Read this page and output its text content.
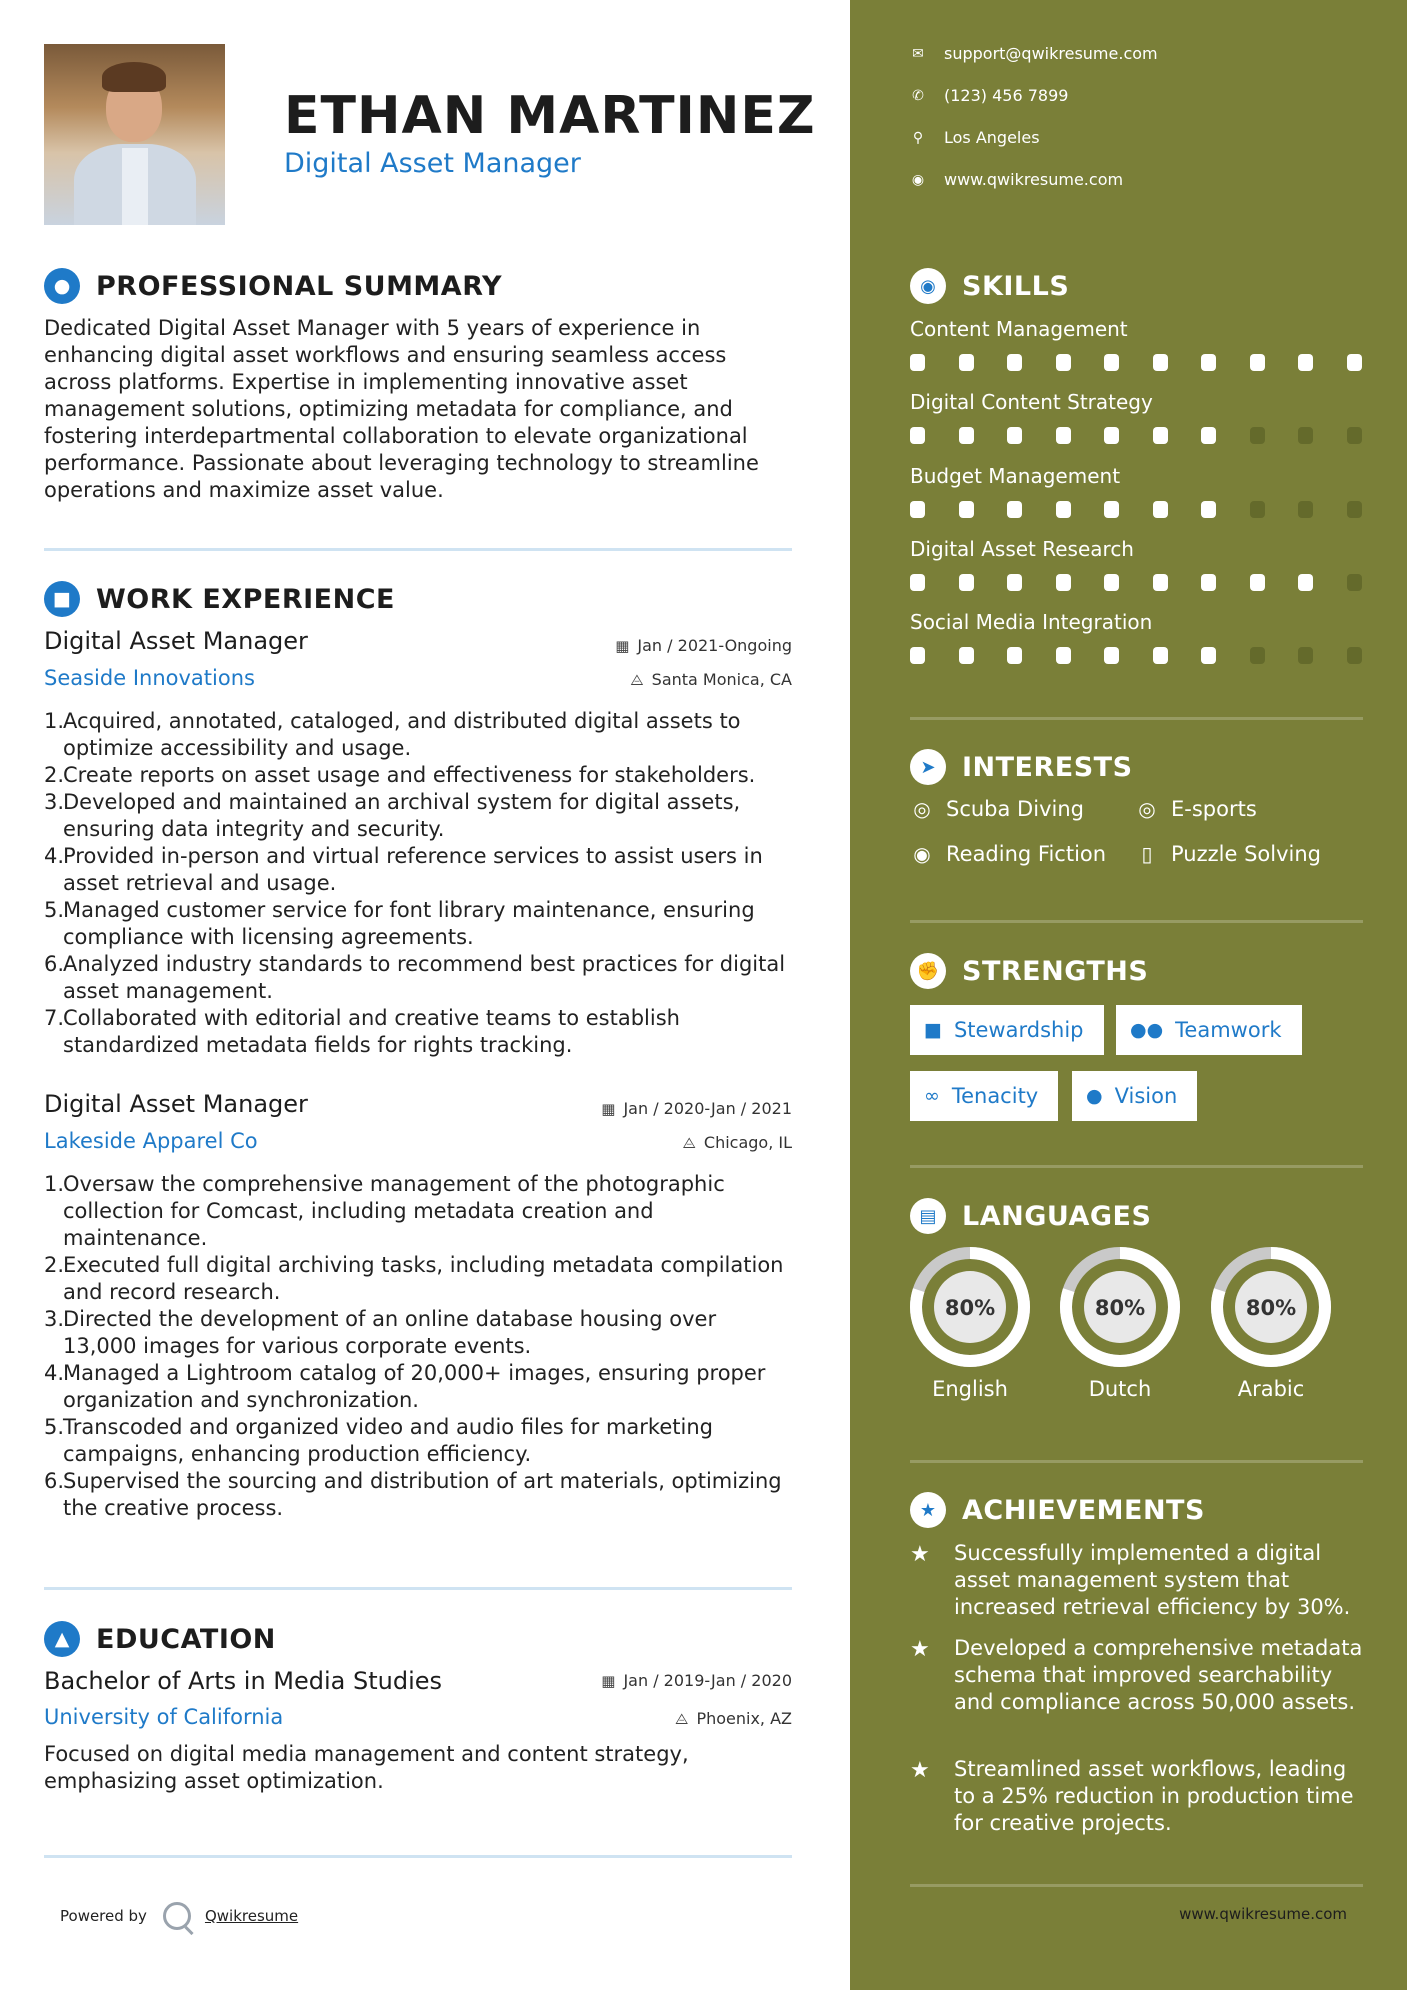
ETHAN MARTINEZ
Digital Asset Manager
● PROFESSIONAL SUMMARY

Dedicated Digital Asset Manager with 5 years of experience in enhancing digital asset workflows and ensuring seamless access across platforms. Expertise in implementing innovative asset management solutions, optimizing metadata for compliance, and fostering interdepartmental collaboration to elevate organizational performance. Passionate about leveraging technology to streamline operations and maximize asset value.

■ WORK EXPERIENCE
Digital Asset Manager	▦ Jan / 2021-Ongoing
Seaside Innovations	⨺ Santa Monica, CA
1.
Acquired, annotated, cataloged, and distributed digital assets to optimize accessibility and usage.
2.
Create reports on asset usage and effectiveness for stakeholders.
3.
Developed and maintained an archival system for digital assets, ensuring data integrity and security.
4.
Provided in-person and virtual reference services to assist users in asset retrieval and usage.
5.
Managed customer service for font library maintenance, ensuring compliance with licensing agreements.
6.
Analyzed industry standards to recommend best practices for digital asset management.
7.
Collaborated with editorial and creative teams to establish standardized metadata fields for rights tracking.
Digital Asset Manager	▦ Jan / 2020-Jan / 2021
Lakeside Apparel Co	⨺ Chicago, IL
1.
Oversaw the comprehensive management of the photographic collection for Comcast, including metadata creation and maintenance.
2.
Executed full digital archiving tasks, including metadata compilation and record research.
3.
Directed the development of an online database housing over 13,000 images for various corporate events.
4.
Managed a Lightroom catalog of 20,000+ images, ensuring proper organization and synchronization.
5.
Transcoded and organized video and audio files for marketing campaigns, enhancing production efficiency.
6.
Supervised the sourcing and distribution of art materials, optimizing the creative process.
▲ EDUCATION
Bachelor of Arts in Media Studies	▦ Jan / 2019-Jan / 2020
University of California	⨺ Phoenix, AZ

Focused on digital media management and content strategy, emphasizing asset optimization.

Powered by	Qwikresume
✉ support@qwikresume.com
✆ (123) 456 7899
⚲ Los Angeles
◉ www.qwikresume.com
◉ SKILLS
Content Management
Digital Content Strategy
Budget Management
Digital Asset Research
Social Media Integration
➤ INTERESTS
◎ Scuba Diving	◎ E-sports
◉ Reading Fiction	▯ Puzzle Solving
✊ STRENGTHS
■ Stewardship ●● Teamwork
∞ Tenacity	● Vision
▤ LANGUAGES
80%
English
80%
Dutch
80%
Arabic
★ ACHIEVEMENTS
★	Successfully implemented a digital asset management system that increased retrieval efficiency by 30%.
★	Developed a comprehensive metadata schema that improved searchability and compliance across 50,000 assets.
★	Streamlined asset workflows, leading to a 25% reduction in production time for creative projects.
www.qwikresume.com
